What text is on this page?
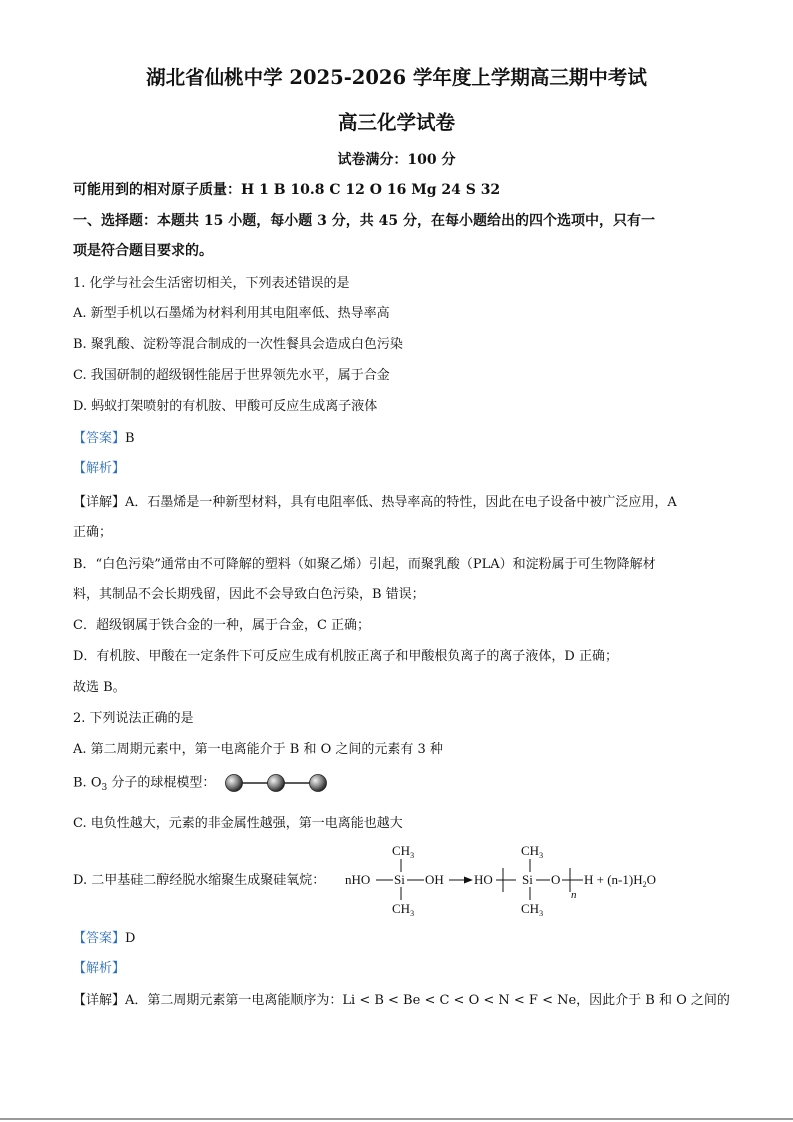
湖北省仙桃中学 2025-2026 学年度上学期高三期中考试
高三化学试卷
试卷满分：100 分
可能用到的相对原子质量：H 1 B 10.8 C 12 O 16 Mg 24 S 32
一、选择题：本题共 15 小题，每小题 3 分，共 45 分，在每小题给出的四个选项中，只有一
项是符合题目要求的。
1. 化学与社会生活密切相关，下列表述错误的是
A. 新型手机以石墨烯为材料利用其电阻率低、热导率高
B. 聚乳酸、淀粉等混合制成的一次性餐具会造成白色污染
C. 我国研制的超级钢性能居于世界领先水平，属于合金
D. 蚂蚁打架喷射的有机胺、甲酸可反应生成离子液体
【答案】B
【解析】
【详解】A．石墨烯是一种新型材料，具有电阻率低、热导率高的特性，因此在电子设备中被广泛应用，A
正确；
B．“白色污染”通常由不可降解的塑料（如聚乙烯）引起，而聚乳酸（PLA）和淀粉属于可生物降解材
料，其制品不会长期残留，因此不会导致白色污染，B 错误；
C．超级钢属于铁合金的一种，属于合金，C 正确；
D．有机胺、甲酸在一定条件下可反应生成有机胺正离子和甲酸根负离子的离子液体，D 正确；
故选 B。
2. 下列说法正确的是
A. 第二周期元素中，第一电离能介于 B 和 O 之间的元素有 3 种
B. $O_3$ 分子的球棍模型：
C. 电负性越大，元素的非金属性越强，第一电离能也越大
D. 二甲基硅二醇经脱水缩聚生成聚硅氧烷：
$CH_3$
nHO Si OH
$CH_3$
HO
$CH_3$
Si O
n
$CH_3$
$H + (n-1)H_2O$
【答案】D
【解析】
【详解】A．第二周期元素第一电离能顺序为：Li < B < Be < C < O < N < F < Ne，因此介于 B 和 O 之间的
